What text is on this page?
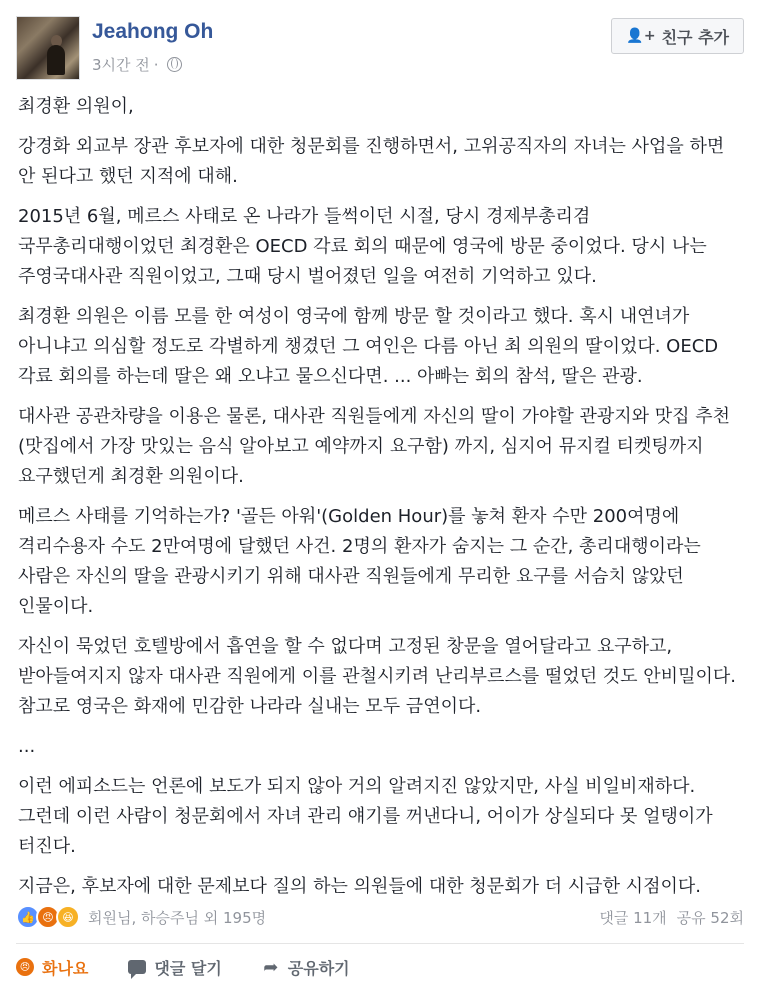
Jeahong Oh
3시간 전 ·
👤+ 친구 추가

최경환 의원이,

강경화 외교부 장관 후보자에 대한 청문회를 진행하면서, 고위공직자의 자녀는 사업을 하면 안 된다고 했던 지적에 대해.

2015년 6월, 메르스 사태로 온 나라가 들썩이던 시절, 당시 경제부총리겸 국무총리대행이었던 최경환은 OECD 각료 회의 때문에 영국에 방문 중이었다. 당시 나는 주영국대사관 직원이었고, 그때 당시 벌어졌던 일을 여전히 기억하고 있다.

최경환 의원은 이름 모를 한 여성이 영국에 함께 방문 할 것이라고 했다. 혹시 내연녀가 아니냐고 의심할 정도로 각별하게 챙겼던 그 여인은 다름 아닌 최 의원의 딸이었다. OECD 각료 회의를 하는데 딸은 왜 오냐고 물으신다면. ... 아빠는 회의 참석, 딸은 관광.

대사관 공관차량을 이용은 물론, 대사관 직원들에게 자신의 딸이 가야할 관광지와 맛집 추천 (맛집에서 가장 맛있는 음식 알아보고 예약까지 요구함) 까지, 심지어 뮤지컬 티켓팅까지 요구했던게 최경환 의원이다.

메르스 사태를 기억하는가? '골든 아워'(Golden Hour)를 놓쳐 환자 수만 200여명에 격리수용자 수도 2만여명에 달했던 사건. 2명의 환자가 숨지는 그 순간, 총리대행이라는 사람은 자신의 딸을 관광시키기 위해 대사관 직원들에게 무리한 요구를 서슴치 않았던 인물이다.

자신이 묵었던 호텔방에서 흡연을 할 수 없다며 고정된 창문을 열어달라고 요구하고, 받아들여지지 않자 대사관 직원에게 이를 관철시키려 난리부르스를 떨었던 것도 안비밀이다. 참고로 영국은 화재에 민감한 나라라 실내는 모두 금연이다.

...

이런 에피소드는 언론에 보도가 되지 않아 거의 알려지진 않았지만, 사실 비일비재하다. 그런데 이런 사람이 청문회에서 자녀 관리 얘기를 꺼낸다니, 어이가 상실되다 못 얼탱이가 터진다.

지금은, 후보자에 대한 문제보다 질의 하는 의원들에 대한 청문회가 더 시급한 시점이다.

👍 😠 😆 회원님, 하승주님 외 195명	댓글 11개 공유 52회
😠 화나요	댓글 달기 ➦ 공유하기
